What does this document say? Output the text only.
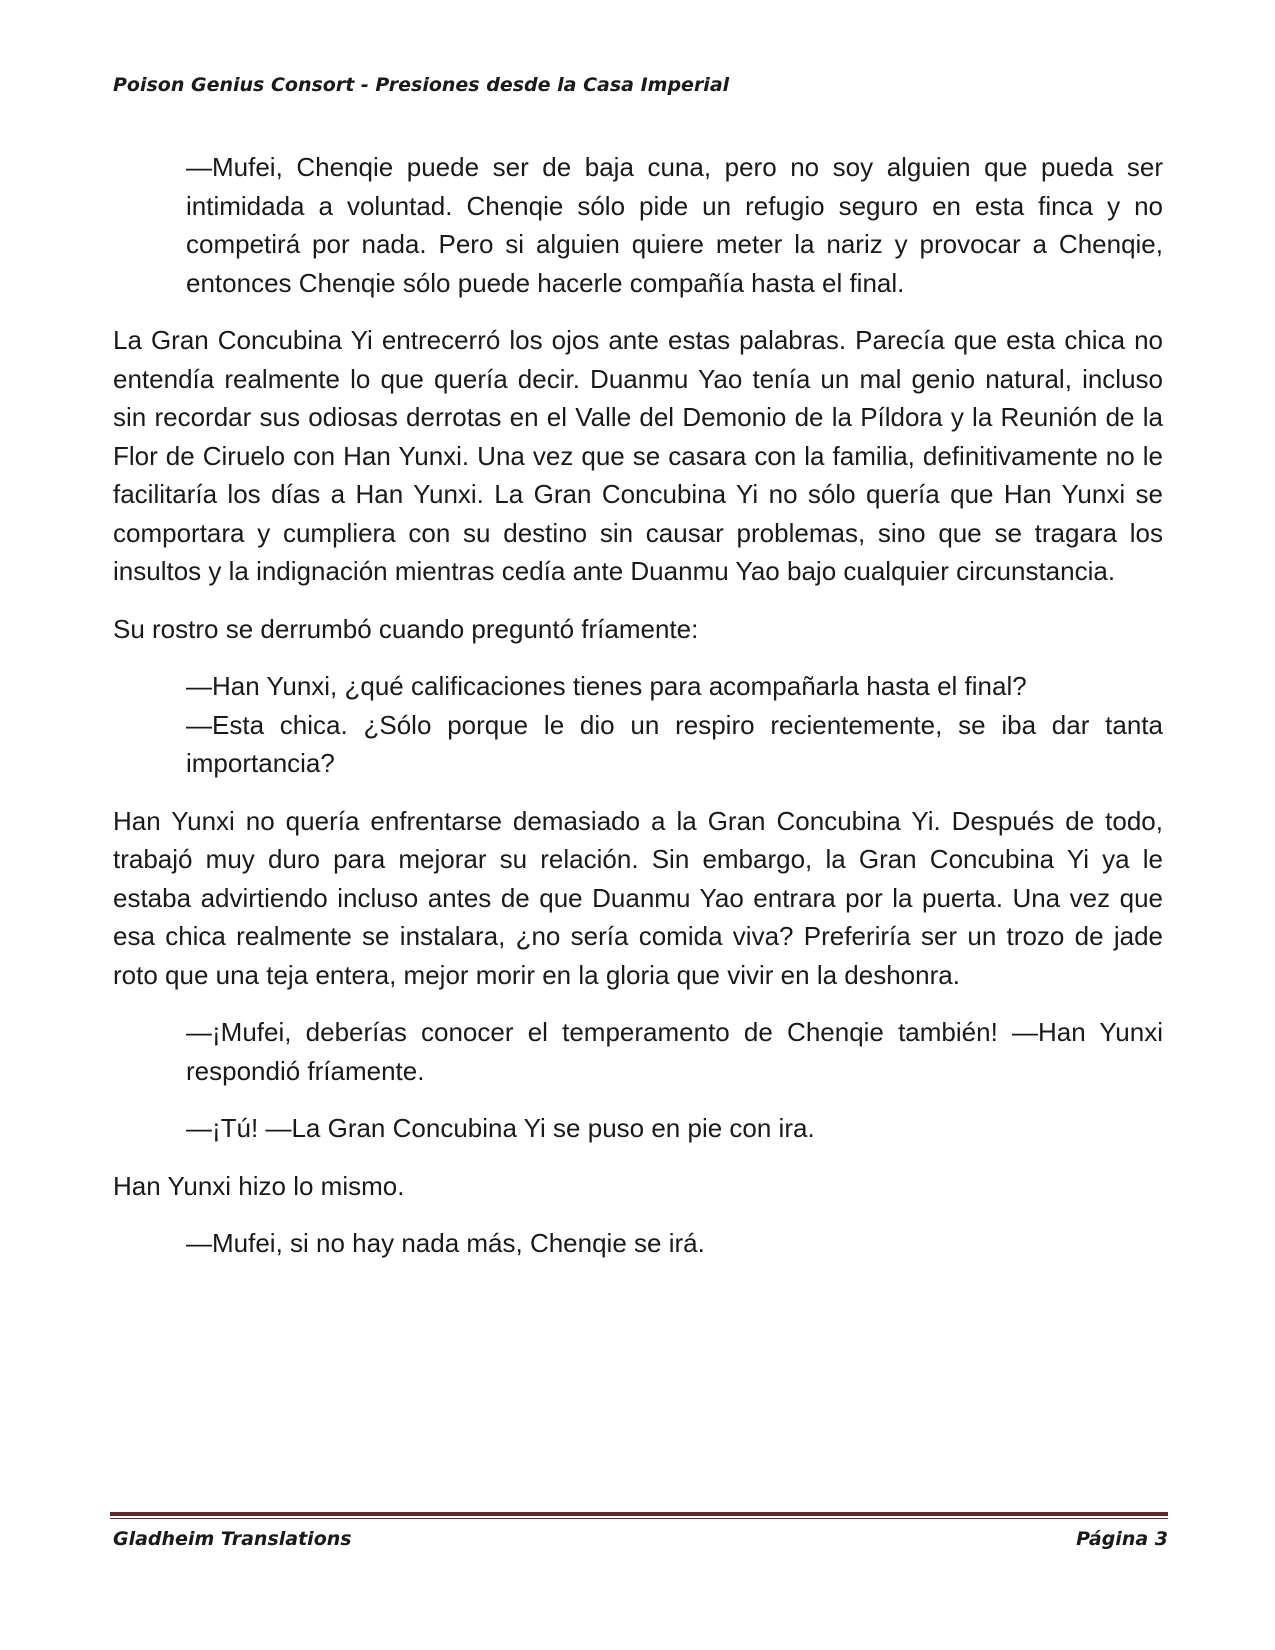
Poison Genius Consort - Presiones desde la Casa Imperial

—Mufei, Chenqie puede ser de baja cuna, pero no soy alguien que pueda ser intimidada a voluntad. Chenqie sólo pide un refugio seguro en esta finca y no competirá por nada. Pero si alguien quiere meter la nariz y provocar a Chenqie, entonces Chenqie sólo puede hacerle compañía hasta el final.

La Gran Concubina Yi entrecerró los ojos ante estas palabras. Parecía que esta chica no entendía realmente lo que quería decir. Duanmu Yao tenía un mal genio natural, incluso sin recordar sus odiosas derrotas en el Valle del Demonio de la Píldora y la Reunión de la Flor de Ciruelo con Han Yunxi. Una vez que se casara con la familia, definitivamente no le facilitaría los días a Han Yunxi. La Gran Concubina Yi no sólo quería que Han Yunxi se comportara y cumpliera con su destino sin causar problemas, sino que se tragara los insultos y la indignación mientras cedía ante Duanmu Yao bajo cualquier circunstancia.

Su rostro se derrumbó cuando preguntó fríamente:

—Han Yunxi, ¿qué calificaciones tienes para acompañarla hasta el final?

—Esta chica. ¿Sólo porque le dio un respiro recientemente, se iba dar tanta importancia?

Han Yunxi no quería enfrentarse demasiado a la Gran Concubina Yi. Después de todo, trabajó muy duro para mejorar su relación. Sin embargo, la Gran Concubina Yi ya le estaba advirtiendo incluso antes de que Duanmu Yao entrara por la puerta. Una vez que esa chica realmente se instalara, ¿no sería comida viva? Preferiría ser un trozo de jade roto que una teja entera, mejor morir en la gloria que vivir en la deshonra.

—¡Mufei, deberías conocer el temperamento de Chenqie también! —Han Yunxi respondió fríamente.

—¡Tú! —La Gran Concubina Yi se puso en pie con ira.

Han Yunxi hizo lo mismo.

—Mufei, si no hay nada más, Chenqie se irá.

Gladheim Translations	Página 3
